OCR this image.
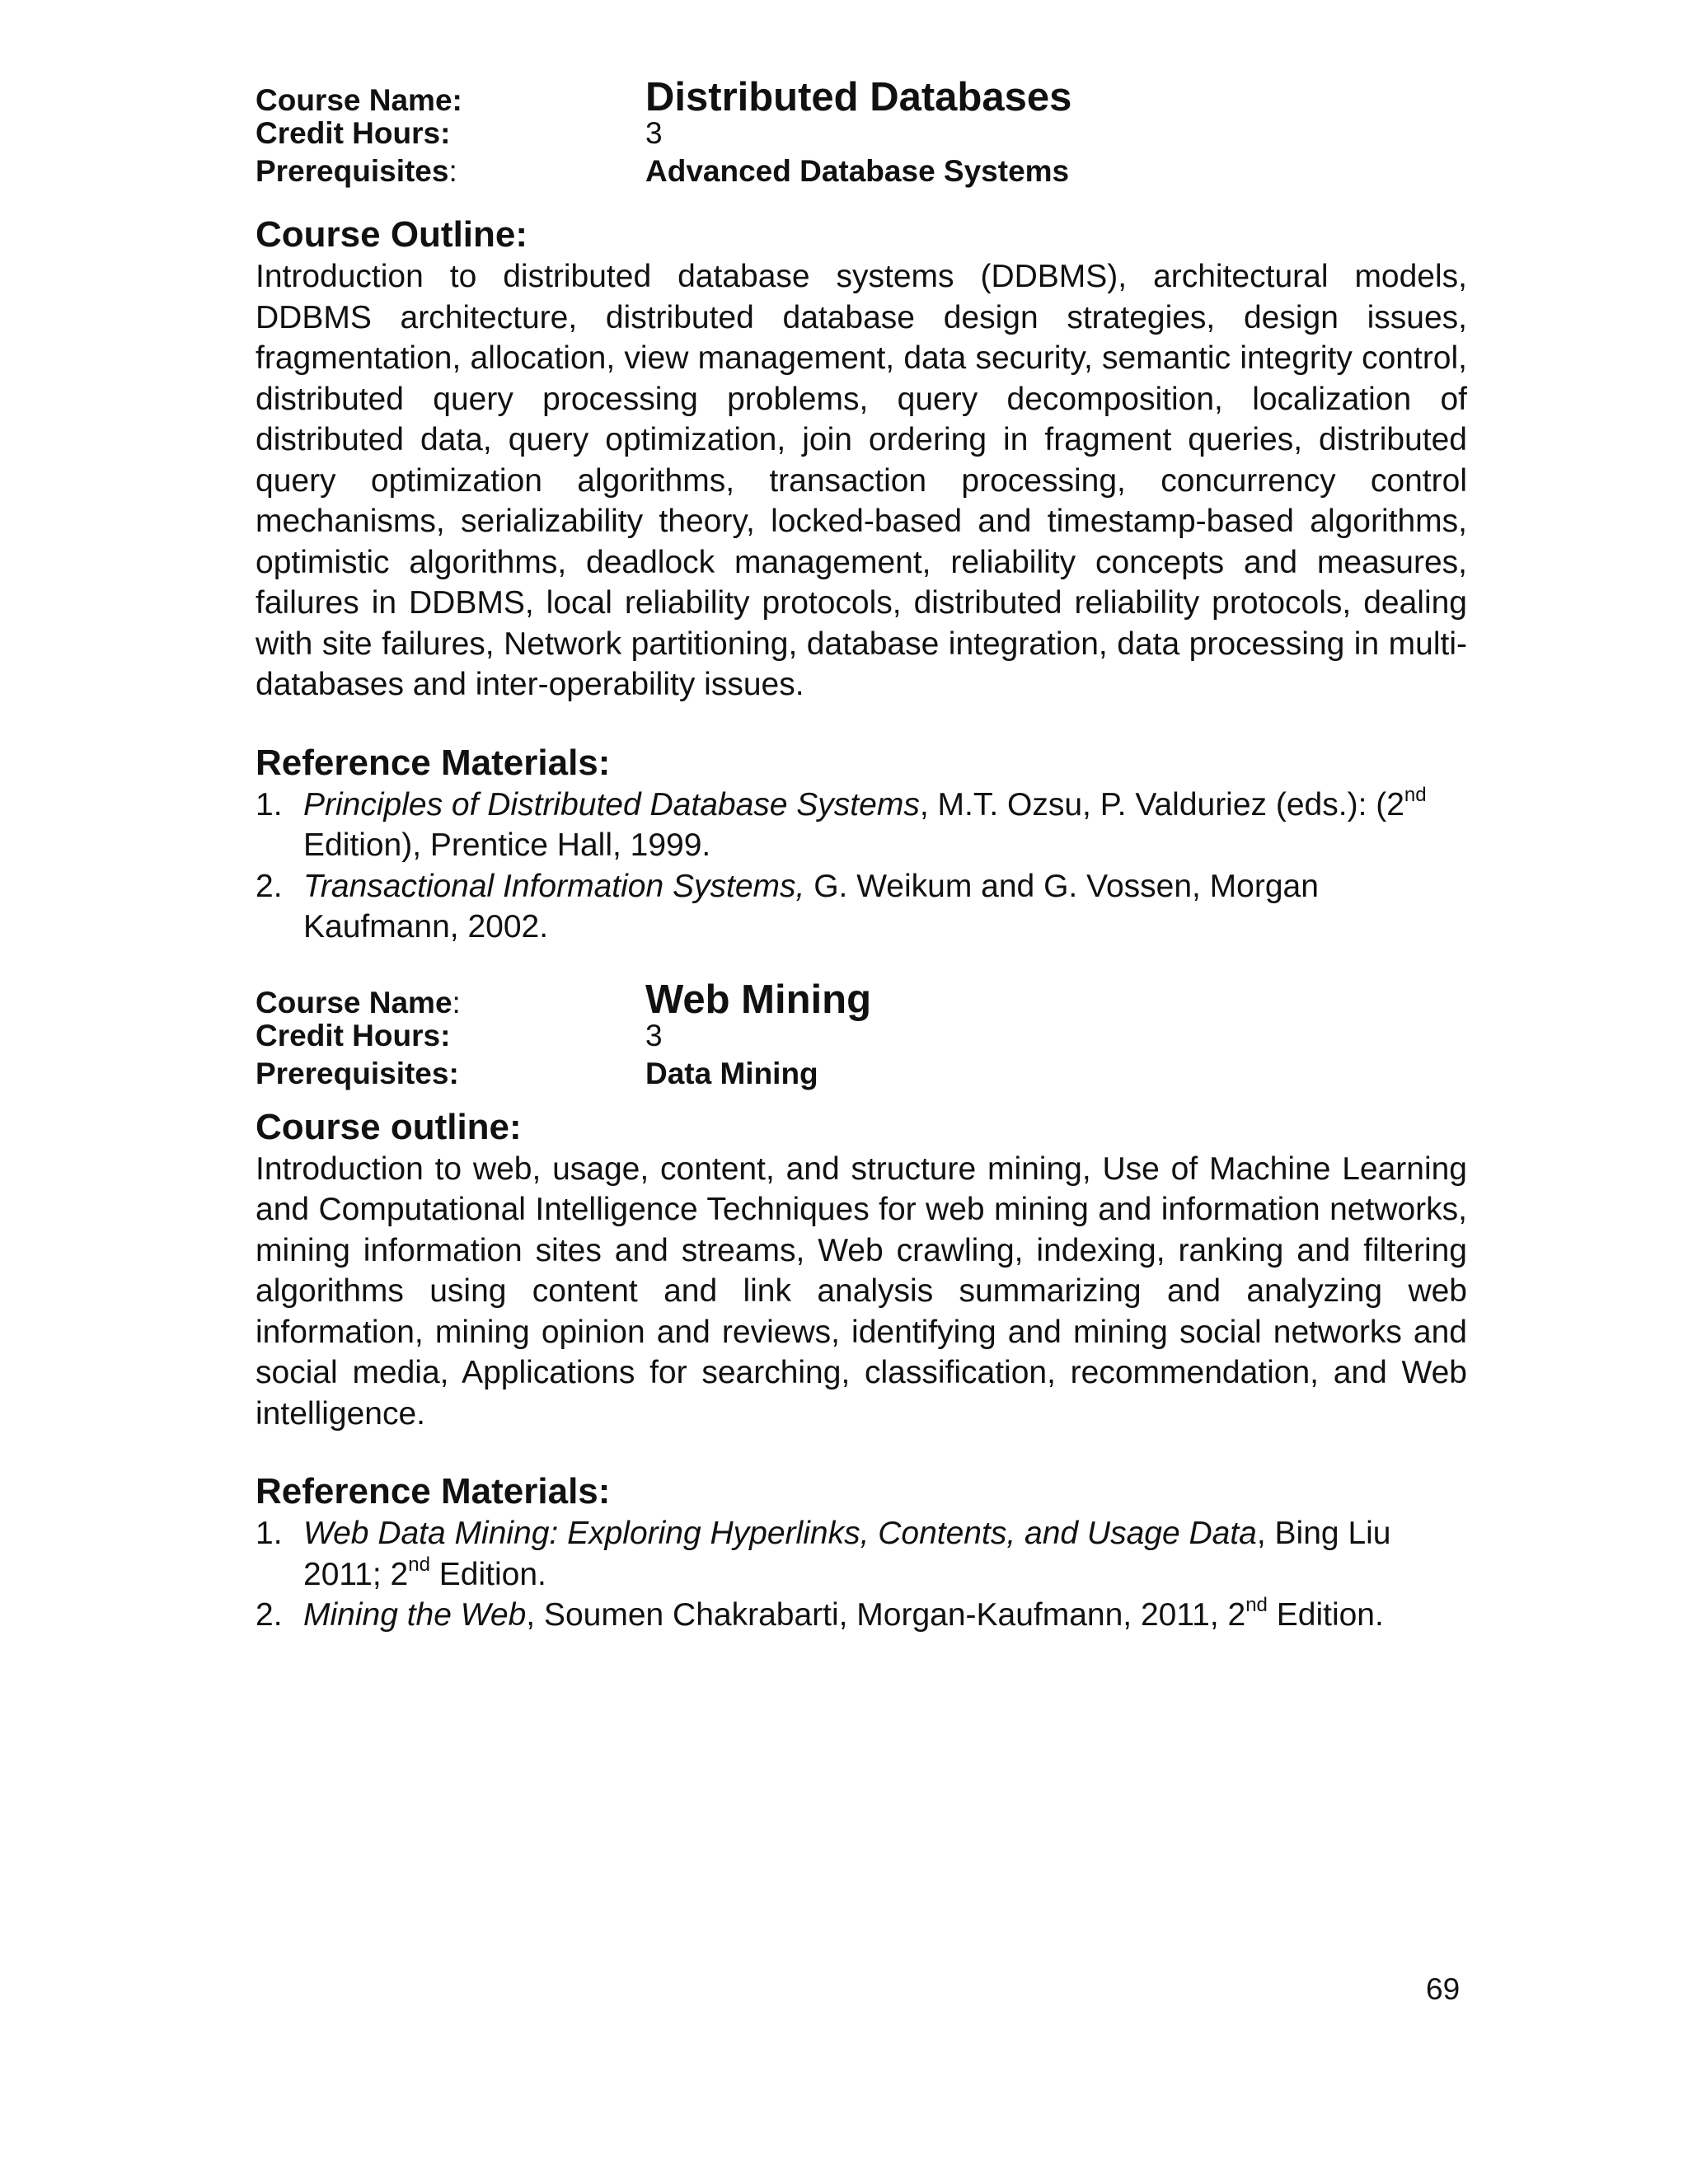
Course Name:	Distributed Databases
Credit Hours:	3
Prerequisites:	Advanced Database Systems
Course Outline:

Introduction to distributed database systems (DDBMS), architectural models, DDBMS architecture, distributed database design strategies, design issues, fragmentation, allocation, view management, data security, semantic integrity control, distributed query processing problems, query decomposition, localization of distributed data, query optimization, join ordering in fragment queries, distributed query optimization algorithms, transaction processing, concurrency control mechanisms, serializability theory, locked-based and timestamp-based algorithms, optimistic algorithms, deadlock management, reliability concepts and measures, failures in DDBMS, local reliability protocols, distributed reliability protocols, dealing with site failures, Network partitioning, database integration, data processing in multi-databases and inter-operability issues.

Reference Materials:
1. Principles of Distributed Database Systems, M.T. Ozsu, P. Valduriez (eds.): (2nd Edition), Prentice Hall, 1999.
2. Transactional Information Systems, G. Weikum and G. Vossen, Morgan Kaufmann, 2002.
Course Name:	Web Mining
Credit Hours:	3
Prerequisites:	Data Mining
Course outline:

Introduction to web, usage, content, and structure mining, Use of Machine Learning and Computational Intelligence Techniques for web mining and information networks, mining information sites and streams, Web crawling, indexing, ranking and filtering algorithms using content and link analysis summarizing and analyzing web information, mining opinion and reviews, identifying and mining social networks and social media, Applications for searching, classification, recommendation, and Web intelligence.

Reference Materials:
1. Web Data Mining: Exploring Hyperlinks, Contents, and Usage Data, Bing Liu 2011; 2nd Edition.
2. Mining the Web, Soumen Chakrabarti, Morgan-Kaufmann, 2011, 2nd Edition.
69
